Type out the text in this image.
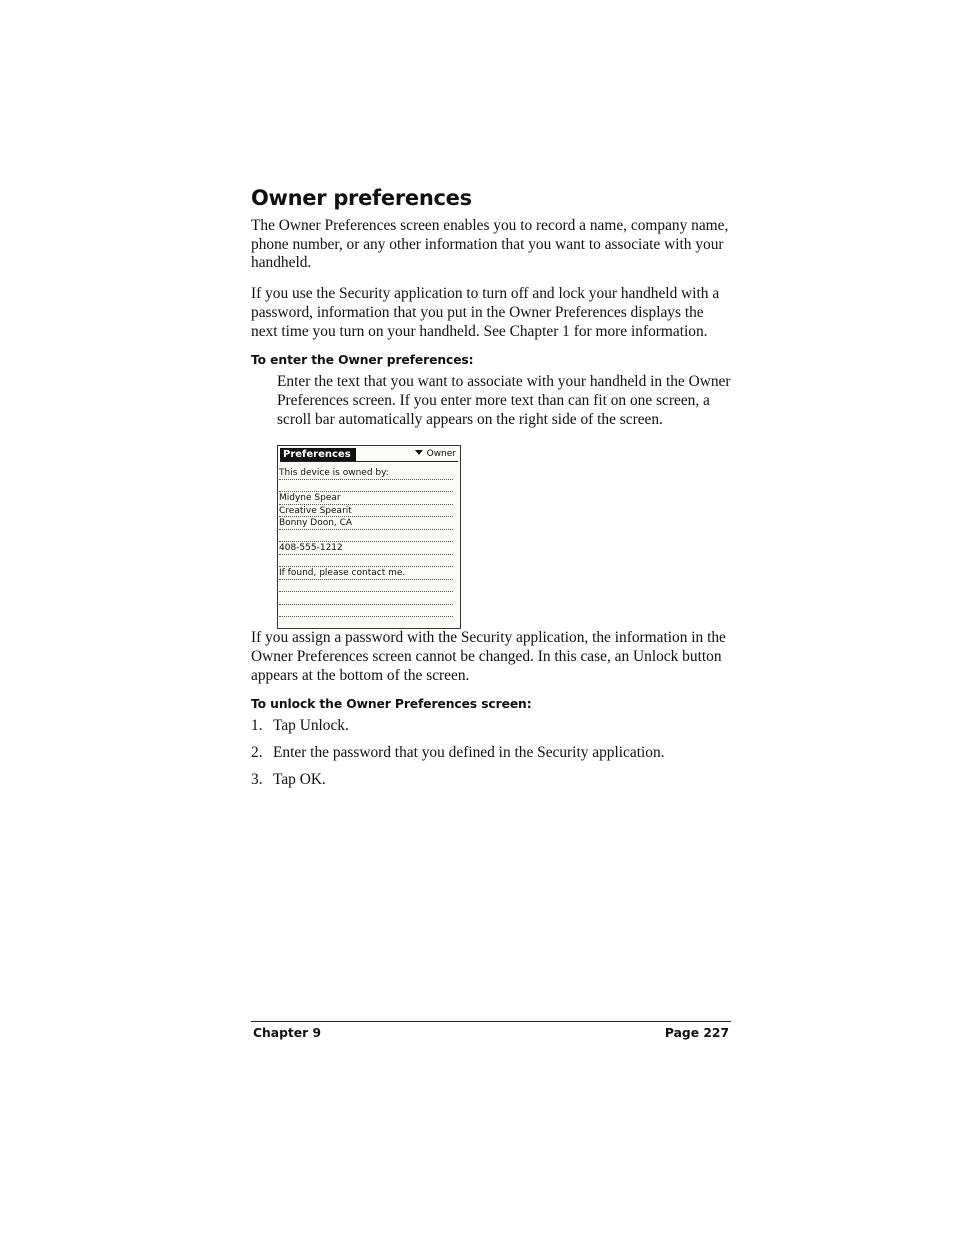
Owner preferences

The Owner Preferences screen enables you to record a name, company name, phone number, or any other information that you want to associate with your handheld.

If you use the Security application to turn off and lock your handheld with a password, information that you put in the Owner Preferences displays the next time you turn on your handheld. See Chapter 1 for more information.

To enter the Owner preferences:

Enter the text that you want to associate with your handheld in the Owner Preferences screen. If you enter more text than can fit on one screen, a scroll bar automatically appears on the right side of the screen.

Preferences	Owner
This device is owned by:
Midyne Spear
Creative Spearit
Bonny Doon, CA
408-555-1212
If found, please contact me.

If you assign a password with the Security application, the information in the Owner Preferences screen cannot be changed. In this case, an Unlock button appears at the bottom of the screen.

To unlock the Owner Preferences screen:
1. Tap Unlock.
2. Enter the password that you defined in the Security application.
3. Tap OK.
Chapter 9	Page 227
